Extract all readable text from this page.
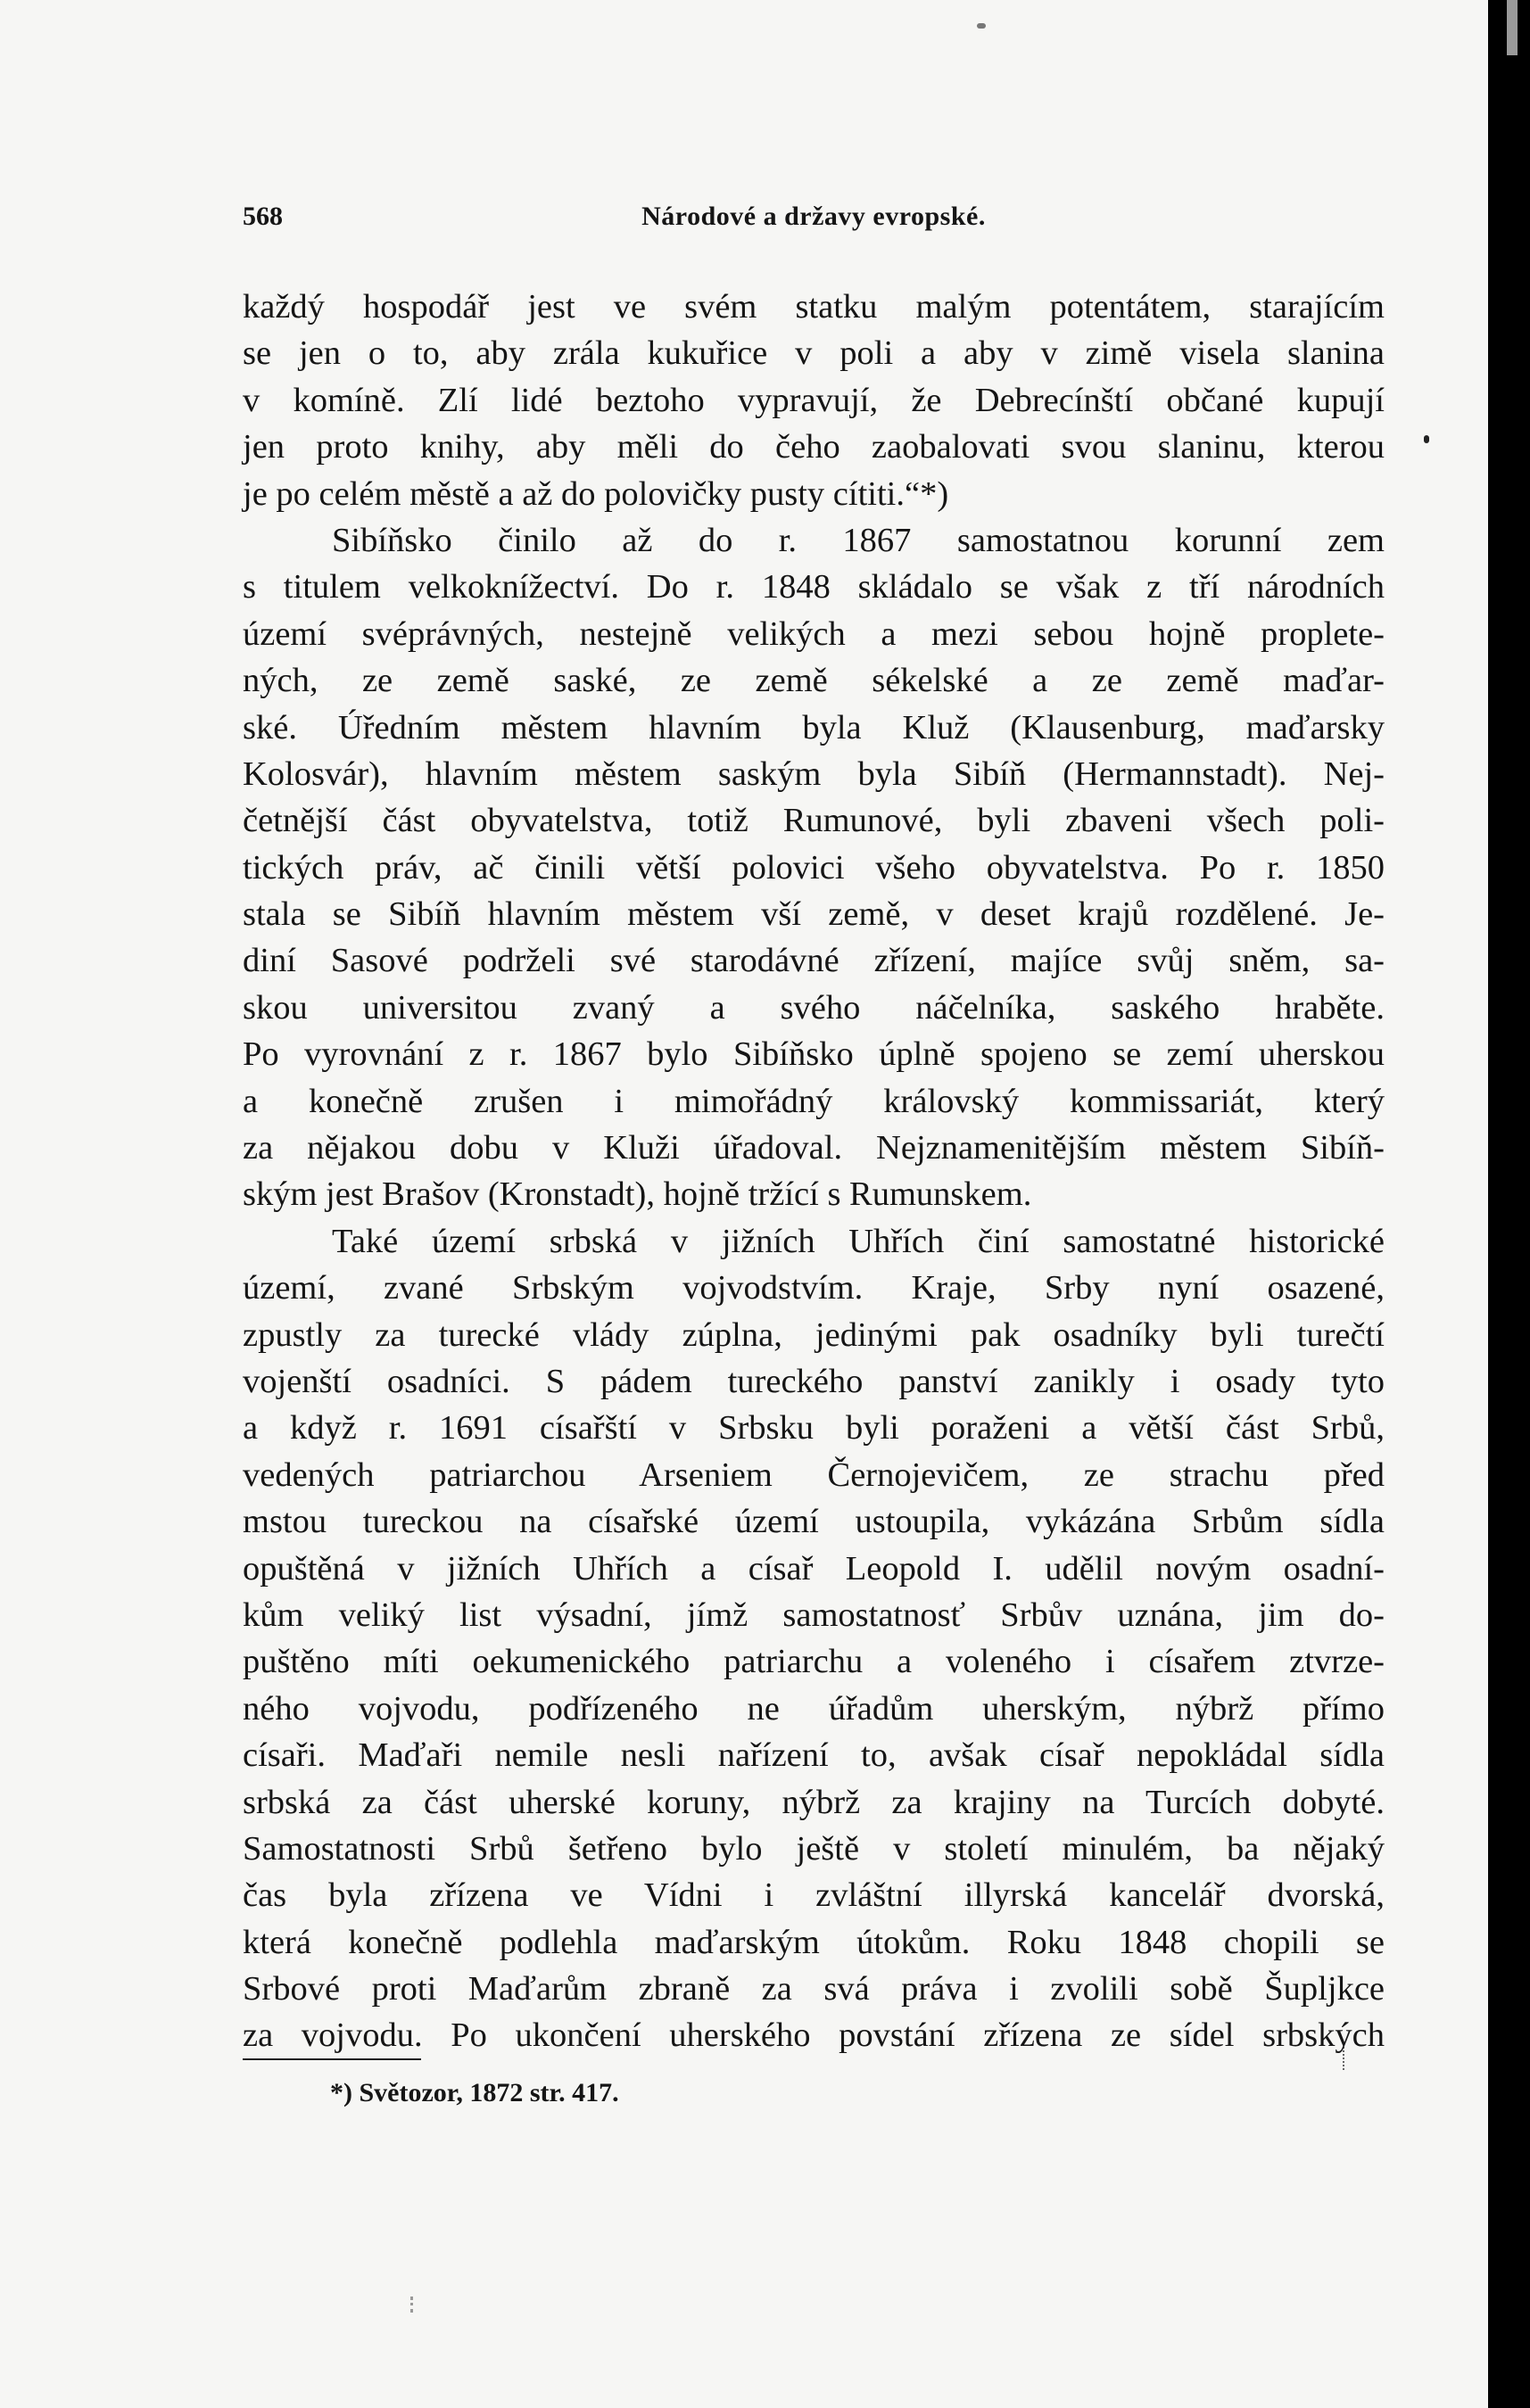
568	Národové a državy evropské.
každý hospodář jest ve svém statku malým potentátem, starajícím
se jen o to, aby zrála kukuřice v poli a aby v zimě visela slanina
v komíně. Zlí lidé beztoho vypravují, že Debrecínští občané kupují
jen proto knihy, aby měli do čeho zaobalovati svou slaninu, kterou
je po celém městě a až do polovičky pusty cítiti.“*)
Sibíňsko činilo až do r. 1867 samostatnou korunní zem
s titulem velkoknížectví. Do r. 1848 skládalo se však z tří národních
území svéprávných, nestejně velikých a mezi sebou hojně proplete-
ných, ze země saské, ze země sékelské a ze země maďar-
ské. Úředním městem hlavním byla Kluž (Klausenburg, maďarsky
Kolosvár), hlavním městem saským byla Sibíň (Hermannstadt). Nej-
četnější část obyvatelstva, totiž Rumunové, byli zbaveni všech poli-
tických práv, ač činili větší polovici všeho obyvatelstva. Po r. 1850
stala se Sibíň hlavním městem vší země, v deset krajů rozdělené. Je-
diní Sasové podrželi své starodávné zřízení, majíce svůj sněm, sa-
skou universitou zvaný a svého náčelníka, saského hraběte.
Po vyrovnání z r. 1867 bylo Sibíňsko úplně spojeno se zemí uherskou
a konečně zrušen i mimořádný královský kommissariát, který
za nějakou dobu v Kluži úřadoval. Nejznamenitějším městem Sibíň-
ským jest Brašov (Kronstadt), hojně tržící s Rumunskem.
Také území srbská v jižních Uhřích činí samostatné historické
území, zvané Srbským vojvodstvím. Kraje, Srby nyní osazené,
zpustly za turecké vlády zúplna, jedinými pak osadníky byli turečtí
vojenští osadníci. S pádem tureckého panství zanikly i osady tyto
a když r. 1691 císařští v Srbsku byli poraženi a větší část Srbů,
vedených patriarchou Arseniem Černojevičem, ze strachu před
mstou tureckou na císařské území ustoupila, vykázána Srbům sídla
opuštěná v jižních Uhřích a císař Leopold I. udělil novým osadní-
kům veliký list výsadní, jímž samostatnosť Srbův uznána, jim do-
puštěno míti oekumenického patriarchu a voleného i císařem ztvrze-
ného vojvodu, podřízeného ne úřadům uherským, nýbrž přímo
císaři. Maďaři nemile nesli nařízení to, avšak císař nepokládal sídla
srbská za část uherské koruny, nýbrž za krajiny na Turcích dobyté.
Samostatnosti Srbů šetřeno bylo ještě v století minulém, ba nějaký
čas byla zřízena ve Vídni i zvláštní illyrská kancelář dvorská,
která konečně podlehla maďarským útokům. Roku 1848 chopili se
Srbové proti Maďarům zbraně za svá práva i zvolili sobě Šupljkce
za vojvodu. Po ukončení uherského povstání zřízena ze sídel srbských
*) Světozor, 1872 str. 417.
